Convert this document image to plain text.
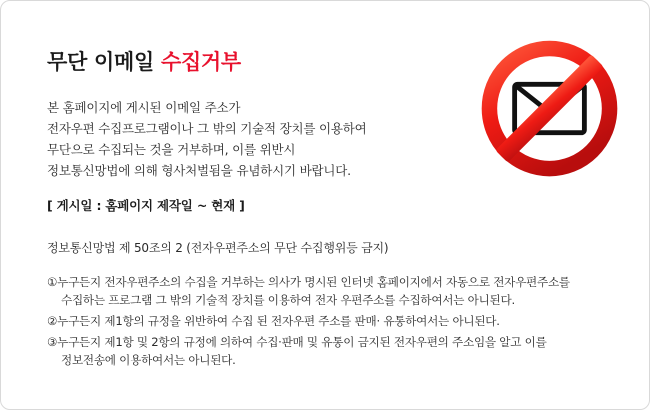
무단 이메일 수집거부
본 홈페이지에 게시된 이메일 주소가
전자우편 수집프로그램이나 그 밖의 기술적 장치를 이용하여
무단으로 수집되는 것을 거부하며, 이를 위반시
정보통신망법에 의해 형사처벌됨을 유념하시기 바랍니다.
[ 게시일 : 홈페이지 제작일 ~ 현재 ]
정보통신망법 제 50조의 2 (전자우편주소의 무단 수집행위등 금지)
①누구든지 전자우편주소의 수집을 거부하는 의사가 명시된 인터넷 홈페이지에서 자동으로 전자우편주소를
수집하는 프로그램 그 밖의 기술적 장치를 이용하여 전자 우편주소를 수집하여서는 아니된다.
②누구든지 제1항의 규정을 위반하여 수집 된 전자우편 주소를 판매· 유통하여서는 아니된다.
③누구든지 제1항 및 2항의 규정에 의하여 수집·판매 및 유통이 금지된 전자우편의 주소임을 알고 이를
정보전송에 이용하여서는 아니된다.
